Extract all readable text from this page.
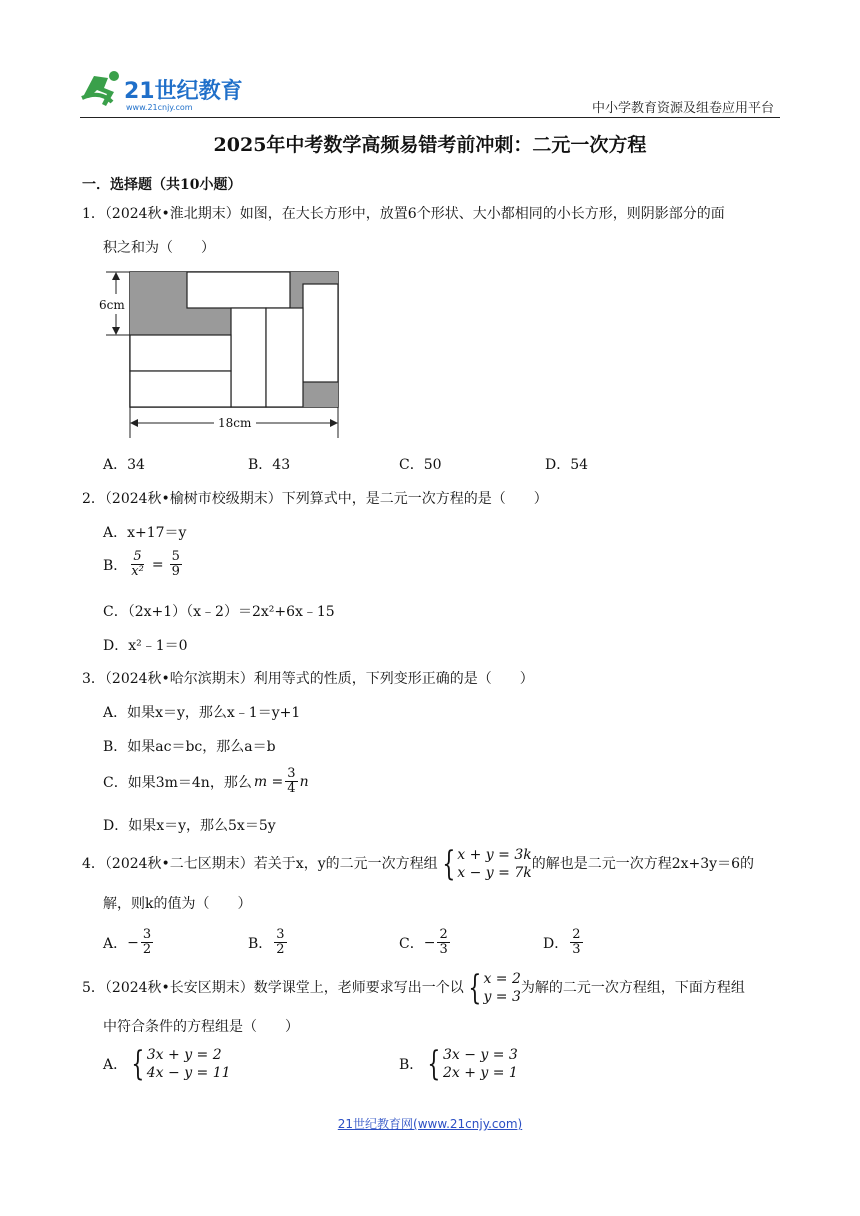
21世纪教育
www.21cnjy.com	中小学教育资源及组卷应用平台
2025年中考数学高频易错考前冲刺：二元一次方程
一．选择题（共10小题）
1．（2024秋•淮北期末）如图，在大长方形中，放置6个形状、大小都相同的小长方形，则阴影部分的面
积之和为（　　）
6cm
18cm
A．34	B．43	C．50	D．54
2．（2024秋•榆树市校级期末）下列算式中，是二元一次方程的是（　　）
A．x+17＝y
B． $\frac{5}{\text{x²}} = \frac{5}{9}$
C．（2x+1）（x﹣2）＝2x²+6x﹣15
D．x²﹣1＝0
3．（2024秋•哈尔滨期末）利用等式的性质，下列变形正确的是（　　）
A．如果x＝y，那么x﹣1＝y+1
B．如果ac＝bc，那么a＝b
C．如果3m＝4n，那么 $m = \frac{3}{4}$ n
D．如果x＝y，那么5x＝5y
4．（2024秋•二七区期末）若关于x，y的二元一次方程组 { x + y = 3k
x − y = 7k
的解也是二元一次方程2x+3y＝6的
解，则k的值为（　　）
A． − $\frac{3}{2}$	B． $\frac{3}{2}$	C． − $\frac{2}{3}$	D． $\frac{2}{3}$
5．（2024秋•长安区期末）数学课堂上，老师要求写出一个以 { x = 2
y = 3
为解的二元一次方程组，下面方程组
中符合条件的方程组是（　　）
A． { 3x + y = 2
4x − y = 11	B． { 3x − y = 3
2x + y = 1
21世纪教育网(www.21cnjy.com)
